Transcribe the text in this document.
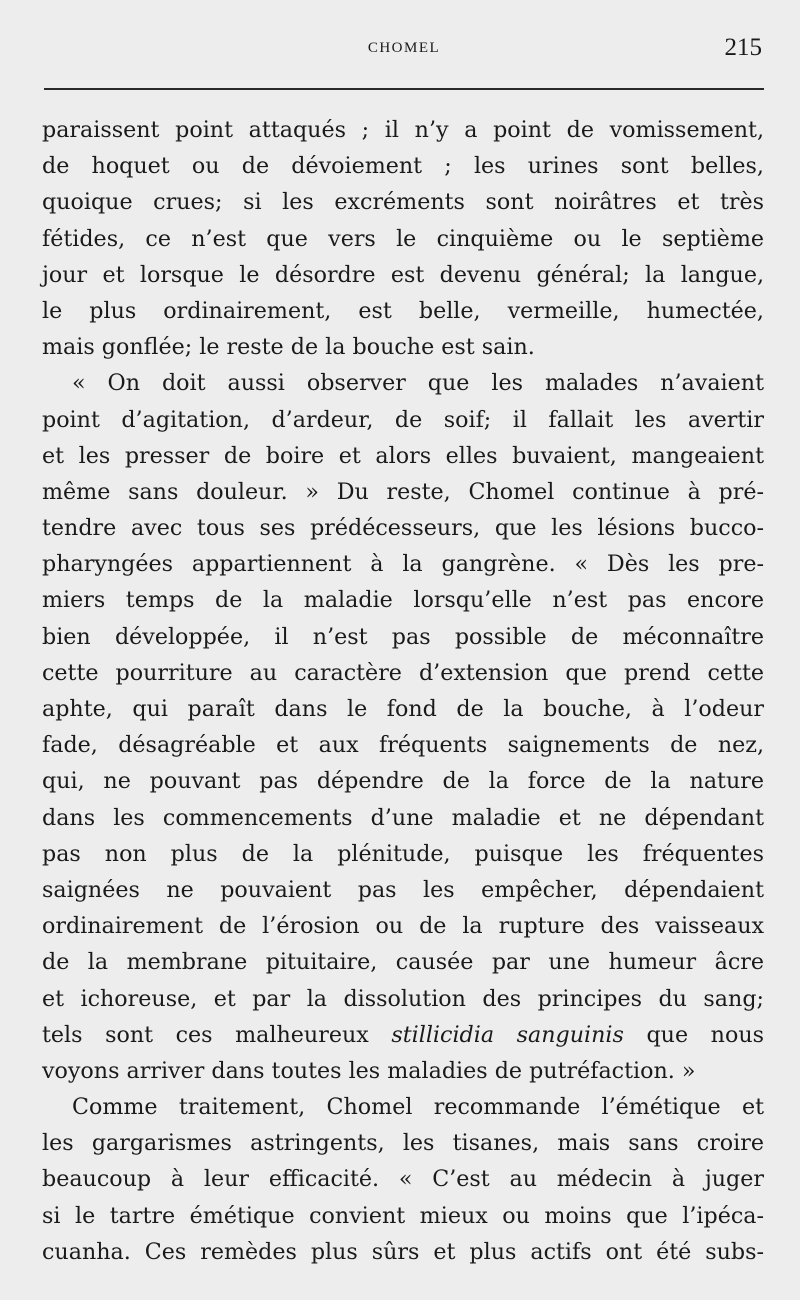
CHOMEL	215
paraissent point attaqués ; il n’y a point de vomissement,
de hoquet ou de dévoiement ; les urines sont belles,
quoique crues; si les excréments sont noirâtres et très
fétides, ce n’est que vers le cinquième ou le septième
jour et lorsque le désordre est devenu général; la langue,
le plus ordinairement, est belle, vermeille, humectée,
mais gonflée; le reste de la bouche est sain.
« On doit aussi observer que les malades n’avaient
point d’agitation, d’ardeur, de soif; il fallait les avertir
et les presser de boire et alors elles buvaient, mangeaient
même sans douleur. » Du reste, Chomel continue à pré-
tendre avec tous ses prédécesseurs, que les lésions bucco-
pharyngées appartiennent à la gangrène. « Dès les pre-
miers temps de la maladie lorsqu’elle n’est pas encore
bien développée, il n’est pas possible de méconnaître
cette pourriture au caractère d’extension que prend cette
aphte, qui paraît dans le fond de la bouche, à l’odeur
fade, désagréable et aux fréquents saignements de nez,
qui, ne pouvant pas dépendre de la force de la nature
dans les commencements d’une maladie et ne dépendant
pas non plus de la plénitude, puisque les fréquentes
saignées ne pouvaient pas les empêcher, dépendaient
ordinairement de l’érosion ou de la rupture des vaisseaux
de la membrane pituitaire, causée par une humeur âcre
et ichoreuse, et par la dissolution des principes du sang;
tels sont ces malheureux stillicidia sanguinis que nous
voyons arriver dans toutes les maladies de putréfaction. »
Comme traitement, Chomel recommande l’émétique et
les gargarismes astringents, les tisanes, mais sans croire
beaucoup à leur efficacité. « C’est au médecin à juger
si le tartre émétique convient mieux ou moins que l’ipéca-
cuanha. Ces remèdes plus sûrs et plus actifs ont été subs-
